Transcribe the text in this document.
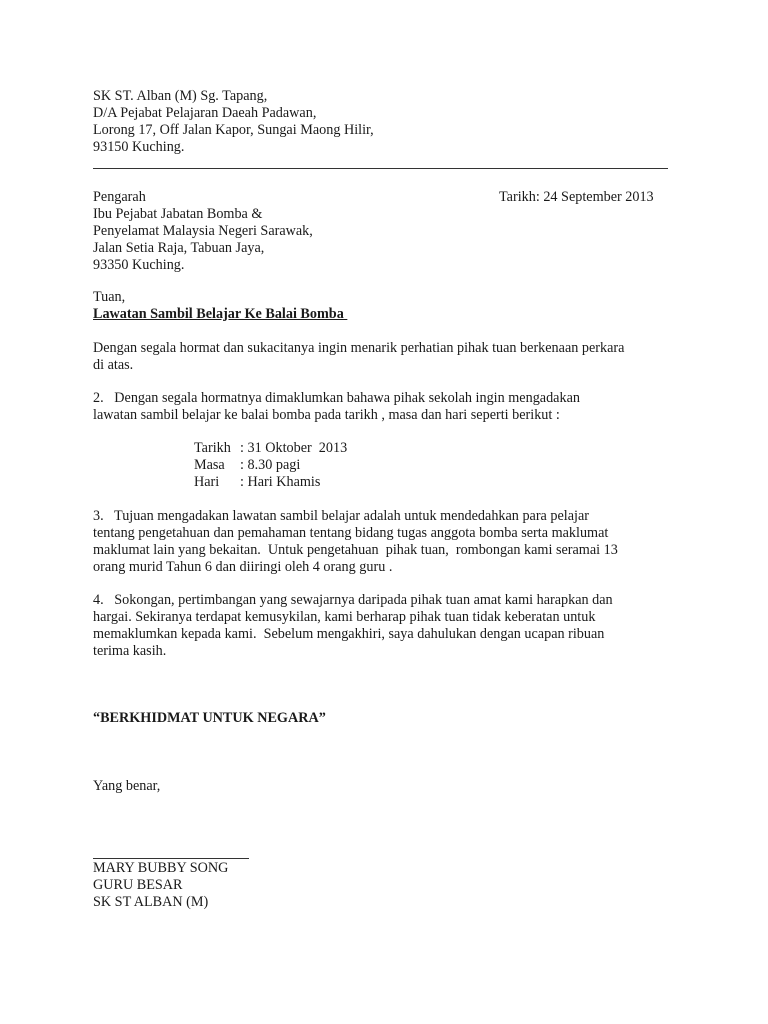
SK ST. Alban (M) Sg. Tapang,
D/A Pejabat Pelajaran Daeah Padawan,
Lorong 17, Off Jalan Kapor, Sungai Maong Hilir,
93150 Kuching.
Tarikh: 24 September 2013
Pengarah
Ibu Pejabat Jabatan Bomba &
Penyelamat Malaysia Negeri Sarawak,
Jalan Setia Raja, Tabuan Jaya,
93350 Kuching.
Tuan,
Lawatan Sambil Belajar Ke Balai Bomba
Dengan segala hormat dan sukacitanya ingin menarik perhatian pihak tuan berkenaan perkara
di atas.
2.   Dengan segala hormatnya dimaklumkan bahawa pihak sekolah ingin mengadakan
lawatan sambil belajar ke balai bomba pada tarikh , masa dan hari seperti berikut :
Tarikh : 31 Oktober  2013
Masa	: 8.30 pagi
Hari	: Hari Khamis
3.   Tujuan mengadakan lawatan sambil belajar adalah untuk mendedahkan para pelajar
tentang pengetahuan dan pemahaman tentang bidang tugas anggota bomba serta maklumat
maklumat lain yang bekaitan.  Untuk pengetahuan  pihak tuan,  rombongan kami seramai 13
orang murid Tahun 6 dan diiringi oleh 4 orang guru .
4.   Sokongan, pertimbangan yang sewajarnya daripada pihak tuan amat kami harapkan dan
hargai. Sekiranya terdapat kemusykilan, kami berharap pihak tuan tidak keberatan untuk
memaklumkan kepada kami.  Sebelum mengakhiri, saya dahulukan dengan ucapan ribuan
terima kasih.
“BERKHIDMAT UNTUK NEGARA”
Yang benar,
MARY BUBBY SONG
GURU BESAR
SK ST ALBAN (M)
